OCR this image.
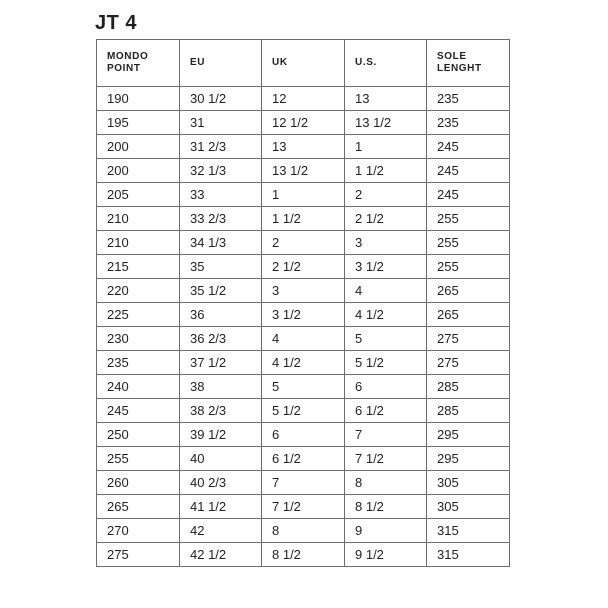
JT 4
MONDO POINT	EU	UK	U.S.	SOLE LENGHT

190	30 1/2	12	13	235
195	31	12 1/2	13 1/2	235
200	31 2/3	13	1	245
200	32 1/3	13 1/2	1 1/2	245
205	33	1	2	245
210	33 2/3	1 1/2	2 1/2	255
210	34 1/3	2	3	255
215	35	2 1/2	3 1/2	255
220	35 1/2	3	4	265
225	36	3 1/2	4 1/2	265
230	36 2/3	4	5	275
235	37 1/2	4 1/2	5 1/2	275
240	38	5	6	285
245	38 2/3	5 1/2	6 1/2	285
250	39 1/2	6	7	295
255	40	6 1/2	7 1/2	295
260	40 2/3	7	8	305
265	41 1/2	7 1/2	8 1/2	305
270	42	8	9	315
275	42 1/2	8 1/2	9 1/2	315
